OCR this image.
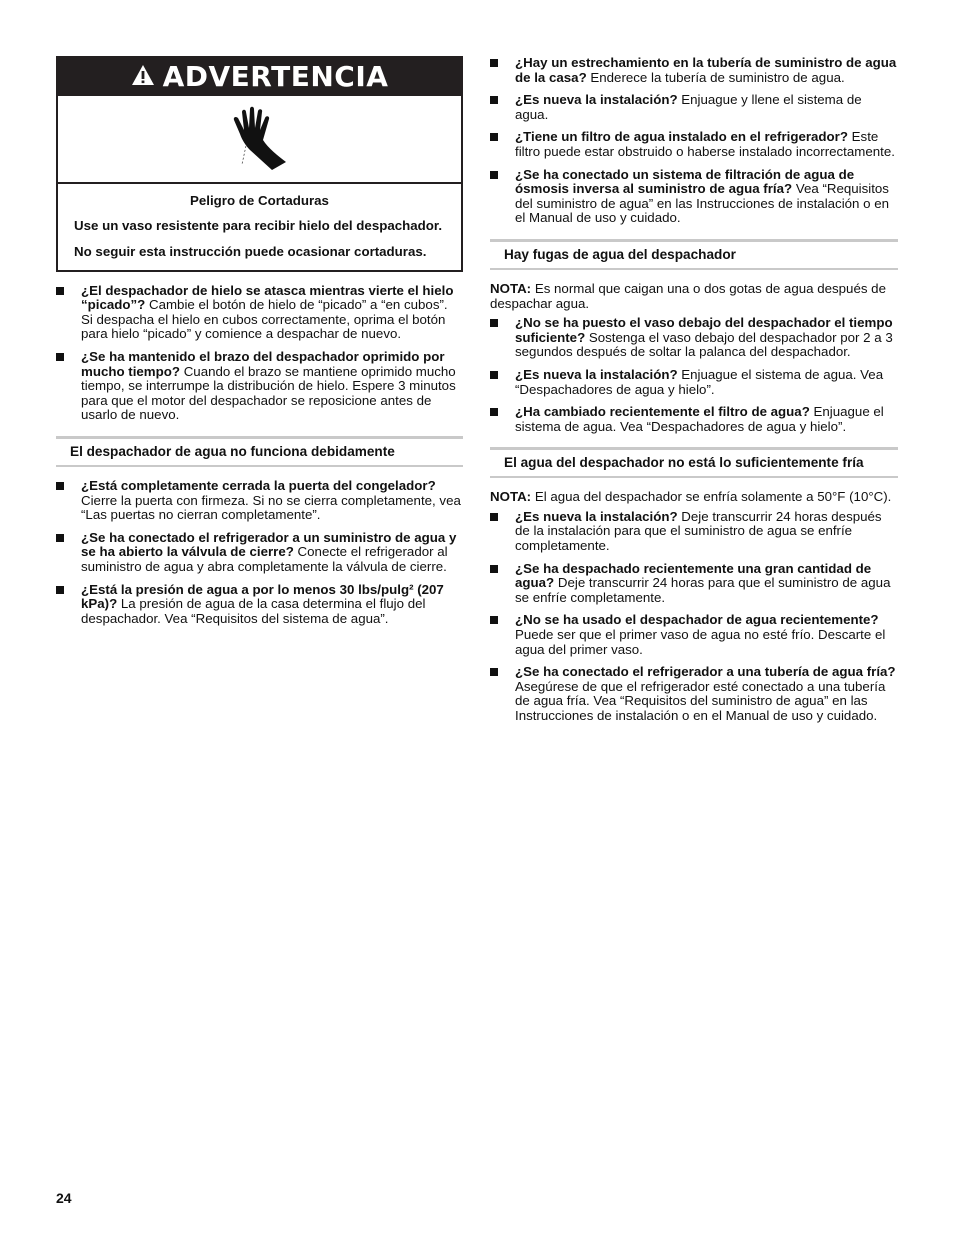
ADVERTENCIA
Peligro de Cortaduras

Use un vaso resistente para recibir hielo del despachador.

No seguir esta instrucción puede ocasionar cortaduras.

¿El despachador de hielo se atasca mientras vierte el hielo “picado”? Cambie el botón de hielo de “picado” a “en cubos”. Si despacha el hielo en cubos correctamente, oprima el botón para hielo “picado” y comience a despachar de nuevo.
¿Se ha mantenido el brazo del despachador oprimido por mucho tiempo? Cuando el brazo se mantiene oprimido mucho tiempo, se interrumpe la distribución de hielo. Espere 3 minutos para que el motor del despachador se reposicione antes de usarlo de nuevo.
El despachador de agua no funciona debidamente
¿Está completamente cerrada la puerta del congelador? Cierre la puerta con firmeza. Si no se cierra completamente, vea “Las puertas no cierran completamente”.
¿Se ha conectado el refrigerador a un suministro de agua y se ha abierto la válvula de cierre? Conecte el refrigerador al suministro de agua y abra completamente la válvula de cierre.
¿Está la presión de agua a por lo menos 30 lbs/pulg² (207 kPa)? La presión de agua de la casa determina el flujo del despachador. Vea “Requisitos del sistema de agua”.
¿Hay un estrechamiento en la tubería de suministro de agua de la casa? Enderece la tubería de suministro de agua.
¿Es nueva la instalación? Enjuague y llene el sistema de agua.
¿Tiene un filtro de agua instalado en el refrigerador? Este filtro puede estar obstruido o haberse instalado incorrectamente.
¿Se ha conectado un sistema de filtración de agua de ósmosis inversa al suministro de agua fría? Vea “Requisitos del suministro de agua” en las Instrucciones de instalación o en el Manual de uso y cuidado.
Hay fugas de agua del despachador

NOTA: Es normal que caigan una o dos gotas de agua después de despachar agua.

¿No se ha puesto el vaso debajo del despachador el tiempo suficiente? Sostenga el vaso debajo del despachador por 2 a 3 segundos después de soltar la palanca del despachador.
¿Es nueva la instalación? Enjuague el sistema de agua. Vea “Despachadores de agua y hielo”.
¿Ha cambiado recientemente el filtro de agua? Enjuague el sistema de agua. Vea “Despachadores de agua y hielo”.
El agua del despachador no está lo suficientemente fría

NOTA: El agua del despachador se enfría solamente a 50°F (10°C).

¿Es nueva la instalación? Deje transcurrir 24 horas después de la instalación para que el suministro de agua se enfríe completamente.
¿Se ha despachado recientemente una gran cantidad de agua? Deje transcurrir 24 horas para que el suministro de agua se enfríe completamente.
¿No se ha usado el despachador de agua recientemente? Puede ser que el primer vaso de agua no esté frío. Descarte el agua del primer vaso.
¿Se ha conectado el refrigerador a una tubería de agua fría? Asegúrese de que el refrigerador esté conectado a una tubería de agua fría. Vea “Requisitos del suministro de agua” en las Instrucciones de instalación o en el Manual de uso y cuidado.
24
